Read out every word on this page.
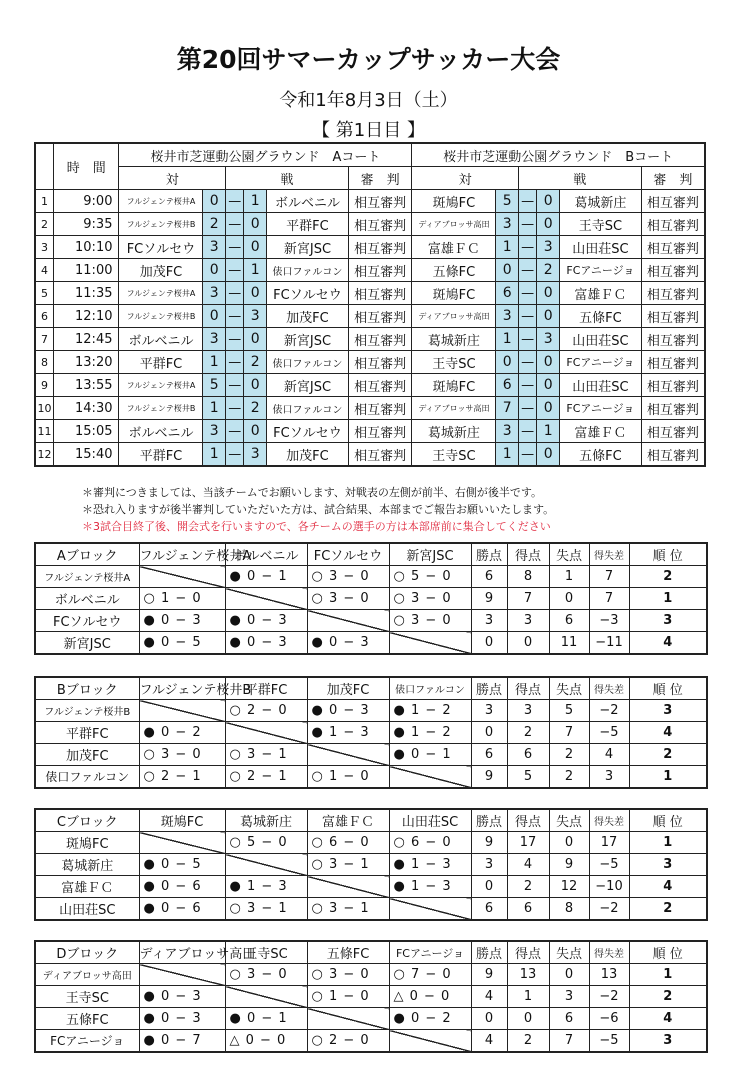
第20回サマーカップサッカー大会
令和1年8月3日（土）
【 第1日目 】
	時　間	桜井市芝運動公園グラウンド　Aコート						桜井市芝運動公園グラウンド　Bコート					
		対		戦			審　判	対		戦			審　判
1	9:00	フルジェンテ桜井A	0	—	1	ボルベニル	相互審判	斑鳩FC	5	—	0	葛城新庄	相互審判
2	9:35	フルジェンテ桜井B	2	—	0	平群FC	相互審判	ディアブロッサ高田	3	—	0	王寺SC	相互審判
3	10:10	FCソルセウ	3	—	0	新宮JSC	相互審判	富雄ＦＣ	1	—	3	山田荘SC	相互審判
4	11:00	加茂FC	0	—	1	俵口ファルコン	相互審判	五條FC	0	—	2	FCアニージョ	相互審判
5	11:35	フルジェンテ桜井A	3	—	0	FCソルセウ	相互審判	斑鳩FC	6	—	0	富雄ＦＣ	相互審判
6	12:10	フルジェンテ桜井B	0	—	3	加茂FC	相互審判	ディアブロッサ高田	3	—	0	五條FC	相互審判
7	12:45	ボルベニル	3	—	0	新宮JSC	相互審判	葛城新庄	1	—	3	山田荘SC	相互審判
8	13:20	平群FC	1	—	2	俵口ファルコン	相互審判	王寺SC	0	—	0	FCアニージョ	相互審判
9	13:55	フルジェンテ桜井A	5	—	0	新宮JSC	相互審判	斑鳩FC	6	—	0	山田荘SC	相互審判
10	14:30	フルジェンテ桜井B	1	—	2	俵口ファルコン	相互審判	ディアブロッサ高田	7	—	0	FCアニージョ	相互審判
11	15:05	ボルベニル	3	—	0	FCソルセウ	相互審判	葛城新庄	3	—	1	富雄ＦＣ	相互審判
12	15:40	平群FC	1	—	3	加茂FC	相互審判	王寺SC	1	—	0	五條FC	相互審判
＊審判につきましては、当該チームでお願いします、対戦表の左側が前半、右側が後半です。
＊恐れ入りますが後半審判していただいた方は、試合結果、本部までご報告お願いいたします。
＊3試合目終了後、開会式を行いますので、各チームの選手の方は本部席前に集合してください
Aブロック	フルジェンテ桜井A	ボルベニル	FCソルセウ	新宮JSC	勝点	得点	失点	得失差	順 位
フルジェンテ桜井A		● 0 − 1	○ 3 − 0	○ 5 − 0	6	8	1	7	2
ボルベニル	○ 1 − 0		○ 3 − 0	○ 3 − 0	9	7	0	7	1
FCソルセウ	● 0 − 3	● 0 − 3		○ 3 − 0	3	3	6	−3	3
新宮JSC	● 0 − 5	● 0 − 3	● 0 − 3		0	0	11	−11	4
Bブロック	フルジェンテ桜井B	平群FC	加茂FC	俵口ファルコン	勝点	得点	失点	得失差	順 位
フルジェンテ桜井B		○ 2 − 0	● 0 − 3	● 1 − 2	3	3	5	−2	3
平群FC	● 0 − 2		● 1 − 3	● 1 − 2	0	2	7	−5	4
加茂FC	○ 3 − 0	○ 3 − 1		● 0 − 1	6	6	2	4	2
俵口ファルコン	○ 2 − 1	○ 2 − 1	○ 1 − 0		9	5	2	3	1
Cブロック	斑鳩FC	葛城新庄	富雄ＦＣ	山田荘SC	勝点	得点	失点	得失差	順 位
斑鳩FC		○ 5 − 0	○ 6 − 0	○ 6 − 0	9	17	0	17	1
葛城新庄	● 0 − 5		○ 3 − 1	● 1 − 3	3	4	9	−5	3
富雄ＦＣ	● 0 − 6	● 1 − 3		● 1 − 3	0	2	12	−10	4
山田荘SC	● 0 − 6	○ 3 − 1	○ 3 − 1		6	6	8	−2	2
Dブロック	ディアブロッサ高田	王寺SC	五條FC	FCアニージョ	勝点	得点	失点	得失差	順 位
ディアブロッサ高田		○ 3 − 0	○ 3 − 0	○ 7 − 0	9	13	0	13	1
王寺SC	● 0 − 3		○ 1 − 0	△ 0 − 0	4	1	3	−2	2
五條FC	● 0 − 3	● 0 − 1		● 0 − 2	0	0	6	−6	4
FCアニージョ	● 0 − 7	△ 0 − 0	○ 2 − 0		4	2	7	−5	3
